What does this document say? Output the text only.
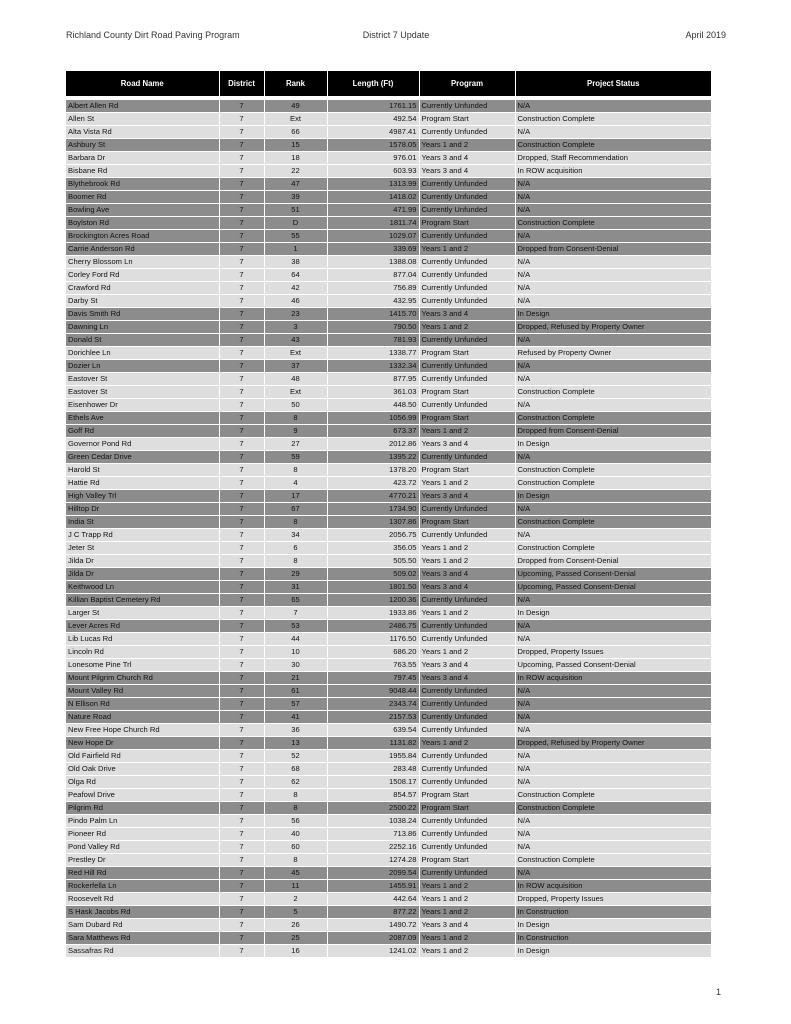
District 7 Update
Richland County Dirt Road Paving Program	April 2019
Road Name	District	Rank	Length (Ft)	Program	Project Status

Albert Allen Rd	7	49	1761.15	Currently Unfunded	N/A
Allen St	7	Ext	492.54	Program Start	Construction Complete
Alta Vista Rd	7	66	4987.41	Currently Unfunded	N/A
Ashbury St	7	15	1578.05	Years 1 and 2	Construction Complete
Barbara Dr	7	18	976.01	Years 3 and 4	Dropped, Staff Recommendation
Bisbane Rd	7	22	603.93	Years 3 and 4	In ROW acquisition
Blythebrook Rd	7	47	1313.99	Currently Unfunded	N/A
Boomer Rd	7	39	1418.02	Currently Unfunded	N/A
Bowling Ave	7	51	471.99	Currently Unfunded	N/A
Boylston Rd	7	D	1811.74	Program Start	Construction Complete
Brockington Acres Road	7	55	1029.07	Currently Unfunded	N/A
Carrie Anderson Rd	7	1	339.69	Years 1 and 2	Dropped from Consent-Denial
Cherry Blossom Ln	7	38	1388.08	Currently Unfunded	N/A
Corley Ford Rd	7	64	877.04	Currently Unfunded	N/A
Crawford Rd	7	42	756.89	Currently Unfunded	N/A
Darby St	7	46	432.95	Currently Unfunded	N/A
Davis Smith Rd	7	23	1415.70	Years 3 and 4	In Design
Dawning Ln	7	3	790.50	Years 1 and 2	Dropped, Refused by Property Owner
Donald St	7	43	781.93	Currently Unfunded	N/A
Dorichlee Ln	7	Ext	1338.77	Program Start	Refused by Property Owner
Dozier Ln	7	37	1332.34	Currently Unfunded	N/A
Eastover St	7	48	877.95	Currently Unfunded	N/A
Eastover St	7	Ext	361.03	Program Start	Construction Complete
Eisenhower Dr	7	50	448.50	Currently Unfunded	N/A
Ethels Ave	7	8	1056.99	Program Start	Construction Complete
Goff Rd	7	9	673.37	Years 1 and 2	Dropped from Consent-Denial
Governor Pond Rd	7	27	2012.86	Years 3 and 4	In Design
Green Cedar Drive	7	59	1395.22	Currently Unfunded	N/A
Harold St	7	8	1378.20	Program Start	Construction Complete
Hattie Rd	7	4	423.72	Years 1 and 2	Construction Complete
High Valley Trl	7	17	4770.21	Years 3 and 4	In Design
Hilltop Dr	7	67	1734.90	Currently Unfunded	N/A
India St	7	8	1307.86	Program Start	Construction Complete
J C Trapp Rd	7	34	2056.75	Currently Unfunded	N/A
Jeter St	7	6	356.05	Years 1 and 2	Construction Complete
Jilda Dr	7	8	505.50	Years 1 and 2	Dropped from Consent-Denial
Jilda Dr	7	29	509.02	Years 3 and 4	Upcoming, Passed Consent-Denial
Keithwood Ln	7	31	1801.50	Years 3 and 4	Upcoming, Passed Consent-Denial
Killian Baptist Cemetery Rd	7	65	1200.36	Currently Unfunded	N/A
Larger St	7	7	1933.86	Years 1 and 2	In Design
Lever Acres Rd	7	53	2486.75	Currently Unfunded	N/A
Lib Lucas Rd	7	44	1176.50	Currently Unfunded	N/A
Lincoln Rd	7	10	686.20	Years 1 and 2	Dropped, Property Issues
Lonesome Pine Trl	7	30	763.55	Years 3 and 4	Upcoming, Passed Consent-Denial
Mount Pilgrim Church Rd	7	21	797.45	Years 3 and 4	In ROW acquisition
Mount Valley Rd	7	61	9048.44	Currently Unfunded	N/A
N Ellison Rd	7	57	2343.74	Currently Unfunded	N/A
Nature Road	7	41	2157.53	Currently Unfunded	N/A
New Free Hope Church Rd	7	36	639.54	Currently Unfunded	N/A
New Hope Dr	7	13	1131.82	Years 1 and 2	Dropped, Refused by Property Owner
Old Fairfield Rd	7	52	1955.84	Currently Unfunded	N/A
Old Oak Drive	7	68	283.48	Currently Unfunded	N/A
Olga Rd	7	62	1508.17	Currently Unfunded	N/A
Peafowl Drive	7	8	854.57	Program Start	Construction Complete
Pilgrim Rd	7	8	2500.22	Program Start	Construction Complete
Pindo Palm Ln	7	56	1038.24	Currently Unfunded	N/A
Pioneer Rd	7	40	713.86	Currently Unfunded	N/A
Pond Valley Rd	7	60	2252.16	Currently Unfunded	N/A
Prestley Dr	7	8	1274.28	Program Start	Construction Complete
Red Hill Rd	7	45	2099.54	Currently Unfunded	N/A
Rockerfella Ln	7	11	1455.91	Years 1 and 2	In ROW acquisition
Roosevelt Rd	7	2	442.64	Years 1 and 2	Dropped, Property Issues
S Hask Jacobs Rd	7	5	877.22	Years 1 and 2	In Construction
Sam Dubard Rd	7	26	1490.72	Years 3 and 4	In Design
Sara Matthews Rd	7	25	2087.09	Years 1 and 2	In Construction
Sassafras Rd	7	16	1241.02	Years 1 and 2	In Design
1
